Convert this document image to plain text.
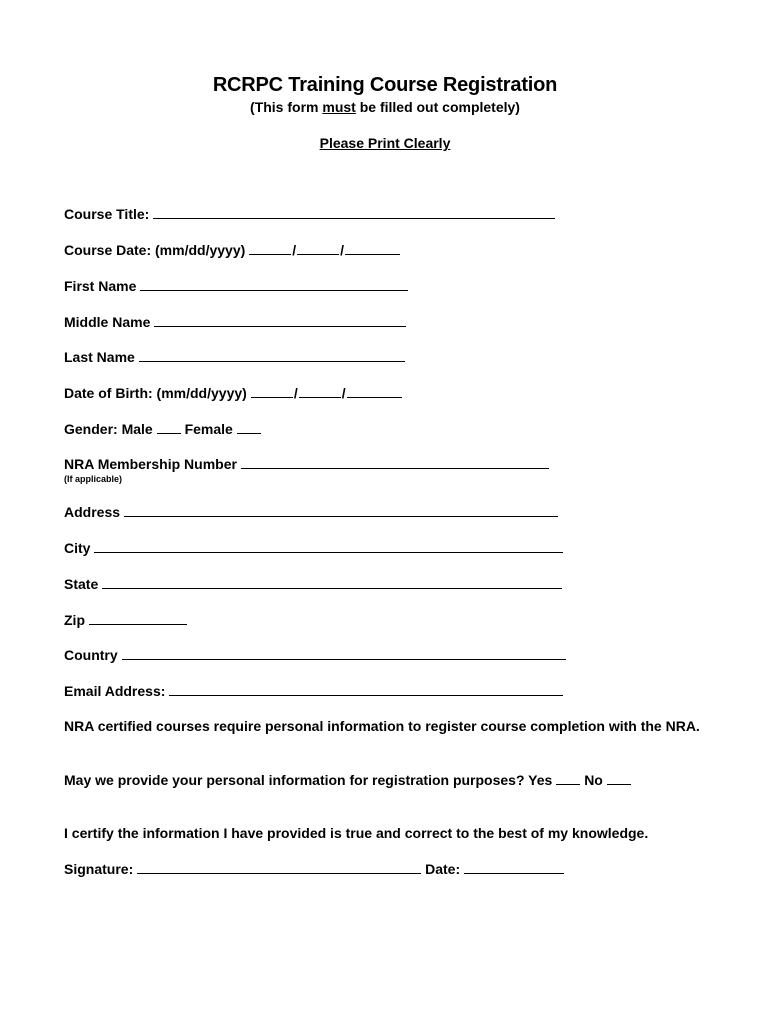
RCRPC Training Course Registration
(This form must be filled out completely)
Please Print Clearly
Course Title:
Course Date: (mm/dd/yyyy)	/	/
First Name
Middle Name
Last Name
Date of Birth: (mm/dd/yyyy)	/	/
Gender: Male Female
NRA Membership Number
(If applicable)
Address
City
State
Zip
Country
Email Address:
NRA certified courses require personal information to register course completion with the NRA.
May we provide your personal information for registration purposes? Yes No
I certify the information I have provided is true and correct to the best of my knowledge.
Signature:	Date:
